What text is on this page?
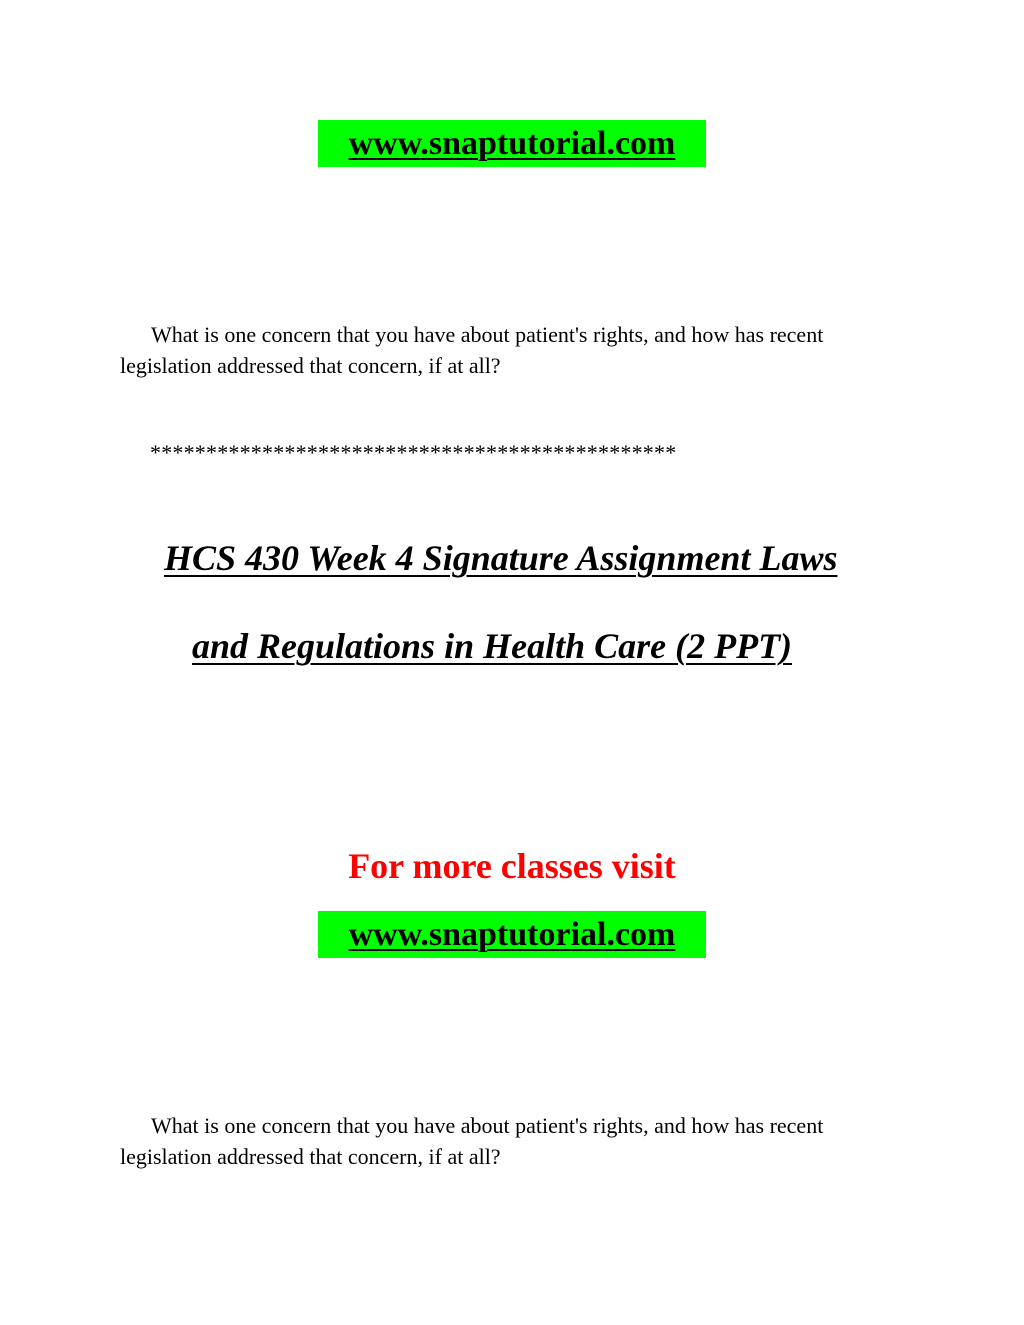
www.snaptutorial.com
What is one concern that you have about patient's rights, and how has recent legislation addressed that concern, if at all?
***********************************************
HCS 430 Week 4 Signature Assignment Laws
and Regulations in Health Care (2 PPT)
For more classes visit
www.snaptutorial.com
What is one concern that you have about patient's rights, and how has recent legislation addressed that concern, if at all?
